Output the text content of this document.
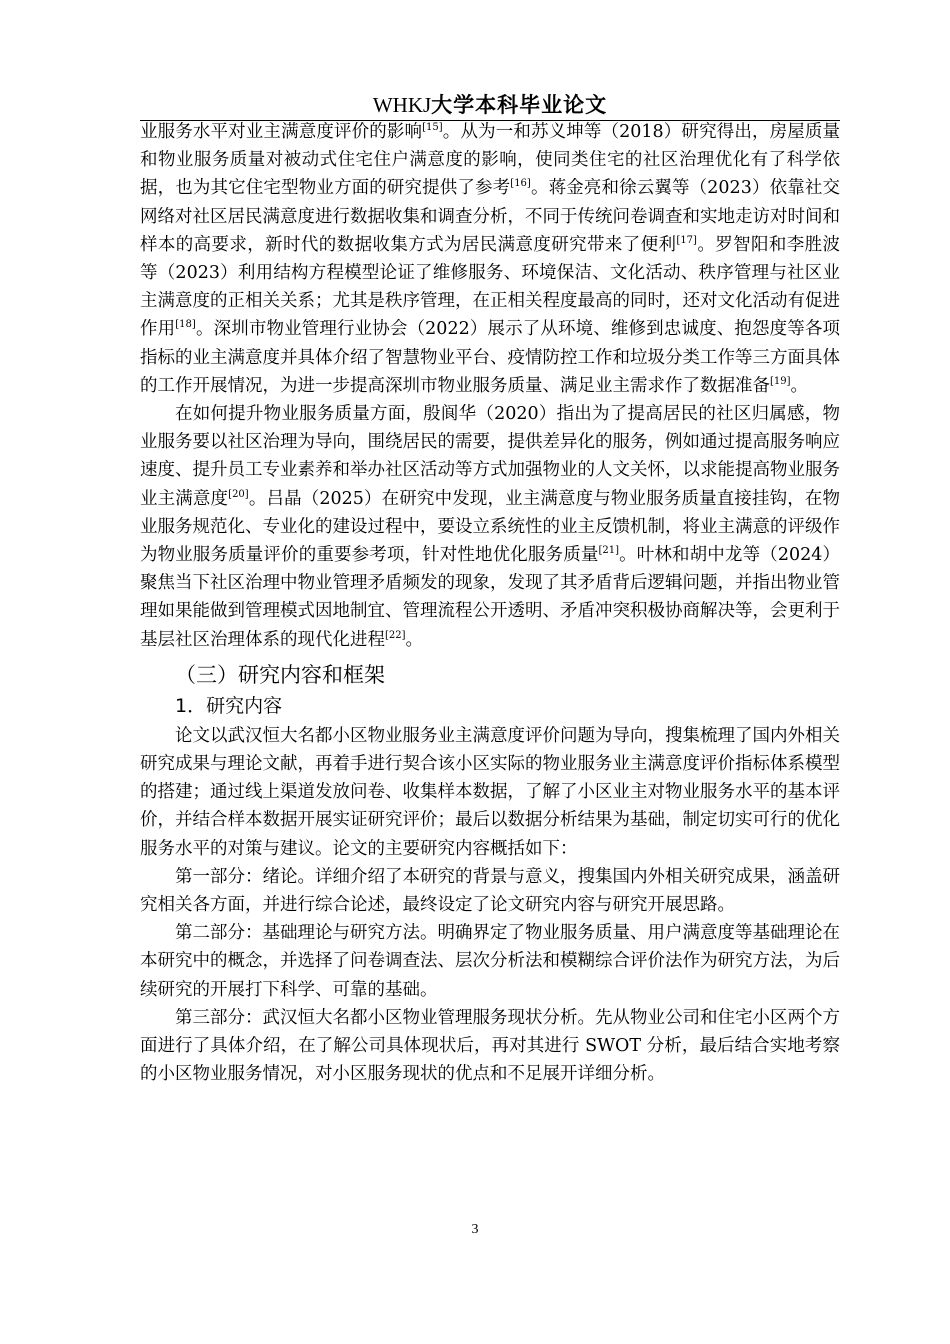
WHKJ大学本科毕业论文

业服务水平对业主满意度评价的影响[15]。从为一和苏义坤等（2018）研究得出，房屋质量和物业服务质量对被动式住宅住户满意度的影响，使同类住宅的社区治理优化有了科学依据，也为其它住宅型物业方面的研究提供了参考[16]。蒋金亮和徐云翼等（2023）依靠社交网络对社区居民满意度进行数据收集和调查分析，不同于传统问卷调查和实地走访对时间和样本的高要求，新时代的数据收集方式为居民满意度研究带来了便利[17]。罗智阳和李胜波等（2023）利用结构方程模型论证了维修服务、环境保洁、文化活动、秩序管理与社区业主满意度的正相关关系；尤其是秩序管理，在正相关程度最高的同时，还对文化活动有促进作用[18]。深圳市物业管理行业协会（2022）展示了从环境、维修到忠诚度、抱怨度等各项指标的业主满意度并具体介绍了智慧物业平台、疫情防控工作和垃圾分类工作等三方面具体的工作开展情况，为进一步提高深圳市物业服务质量、满足业主需求作了数据准备[19]。

在如何提升物业服务质量方面，殷阆华（2020）指出为了提高居民的社区归属感，物业服务要以社区治理为导向，围绕居民的需要，提供差异化的服务，例如通过提高服务响应速度、提升员工专业素养和举办社区活动等方式加强物业的人文关怀，以求能提高物业服务业主满意度[20]。吕晶（2025）在研究中发现，业主满意度与物业服务质量直接挂钩，在物业服务规范化、专业化的建设过程中，要设立系统性的业主反馈机制，将业主满意的评级作为物业服务质量评价的重要参考项，针对性地优化服务质量[21]。叶林和胡中龙等（2024）聚焦当下社区治理中物业管理矛盾频发的现象，发现了其矛盾背后逻辑问题，并指出物业管理如果能做到管理模式因地制宜、管理流程公开透明、矛盾冲突积极协商解决等，会更利于基层社区治理体系的现代化进程[22]。

（三）研究内容和框架
1．研究内容

论文以武汉恒大名都小区物业服务业主满意度评价问题为导向，搜集梳理了国内外相关研究成果与理论文献，再着手进行契合该小区实际的物业服务业主满意度评价指标体系模型的搭建；通过线上渠道发放问卷、收集样本数据，了解了小区业主对物业服务水平的基本评价，并结合样本数据开展实证研究评价；最后以数据分析结果为基础，制定切实可行的优化服务水平的对策与建议。论文的主要研究内容概括如下：

第一部分：绪论。详细介绍了本研究的背景与意义，搜集国内外相关研究成果，涵盖研究相关各方面，并进行综合论述，最终设定了论文研究内容与研究开展思路。

第二部分：基础理论与研究方法。明确界定了物业服务质量、用户满意度等基础理论在本研究中的概念，并选择了问卷调查法、层次分析法和模糊综合评价法作为研究方法，为后续研究的开展打下科学、可靠的基础。

第三部分：武汉恒大名都小区物业管理服务现状分析。先从物业公司和住宅小区两个方面进行了具体介绍，在了解公司具体现状后，再对其进行 SWOT 分析，最后结合实地考察的小区物业服务情况，对小区服务现状的优点和不足展开详细分析。

3
